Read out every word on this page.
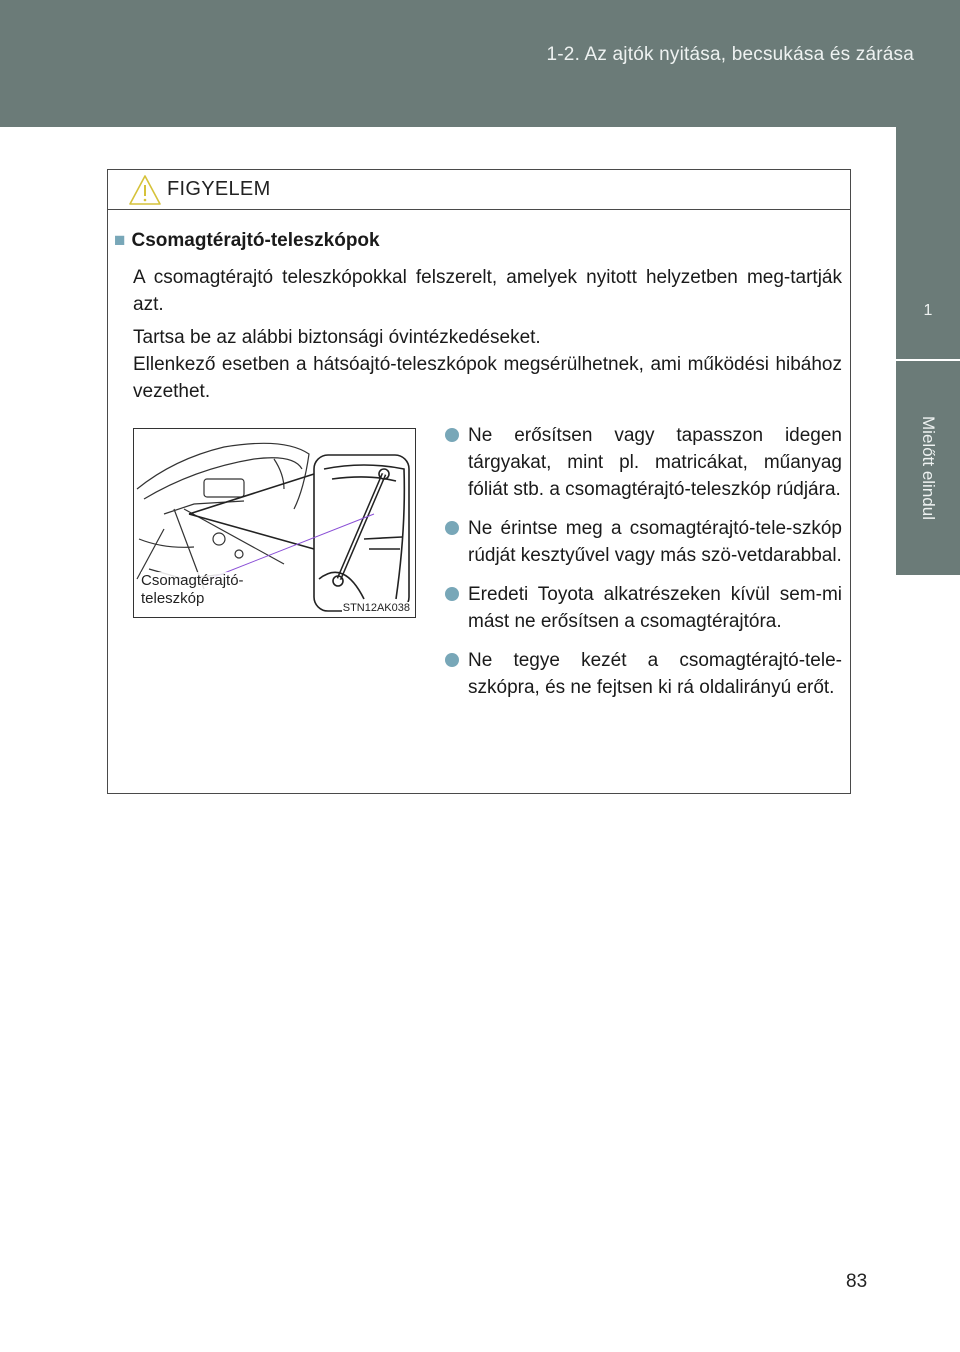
1-2. Az ajtók nyitása, becsukása és zárása
1
Mielőtt elindul
FIGYELEM
■ Csomagtérajtó-teleszkópok

A csomagtérajtó teleszkópokkal felszerelt, amelyek nyitott helyzetben meg-tartják azt.

Tartsa be az alábbi biztonsági óvintézkedéseket.
Ellenkező esetben a hátsóajtó-teleszkópok megsérülhetnek, ami működési hibához vezethet.
Csomagtérajtó-
teleszkóp
STN12AK038
Ne erősítsen vagy tapasszon idegen tárgyakat, mint pl. matricákat, műanyag fóliát stb. a csomagtérajtó-teleszkóp rúdjára.
Ne érintse meg a csomagtérajtó-tele-szkóp rúdját kesztyűvel vagy más szö-vetdarabbal.
Eredeti Toyota alkatrészeken kívül sem-mi mást ne erősítsen a csomagtérajtóra.
Ne tegye kezét a csomagtérajtó-tele-szkópra, és ne fejtsen ki rá oldalirányú erőt.
83
